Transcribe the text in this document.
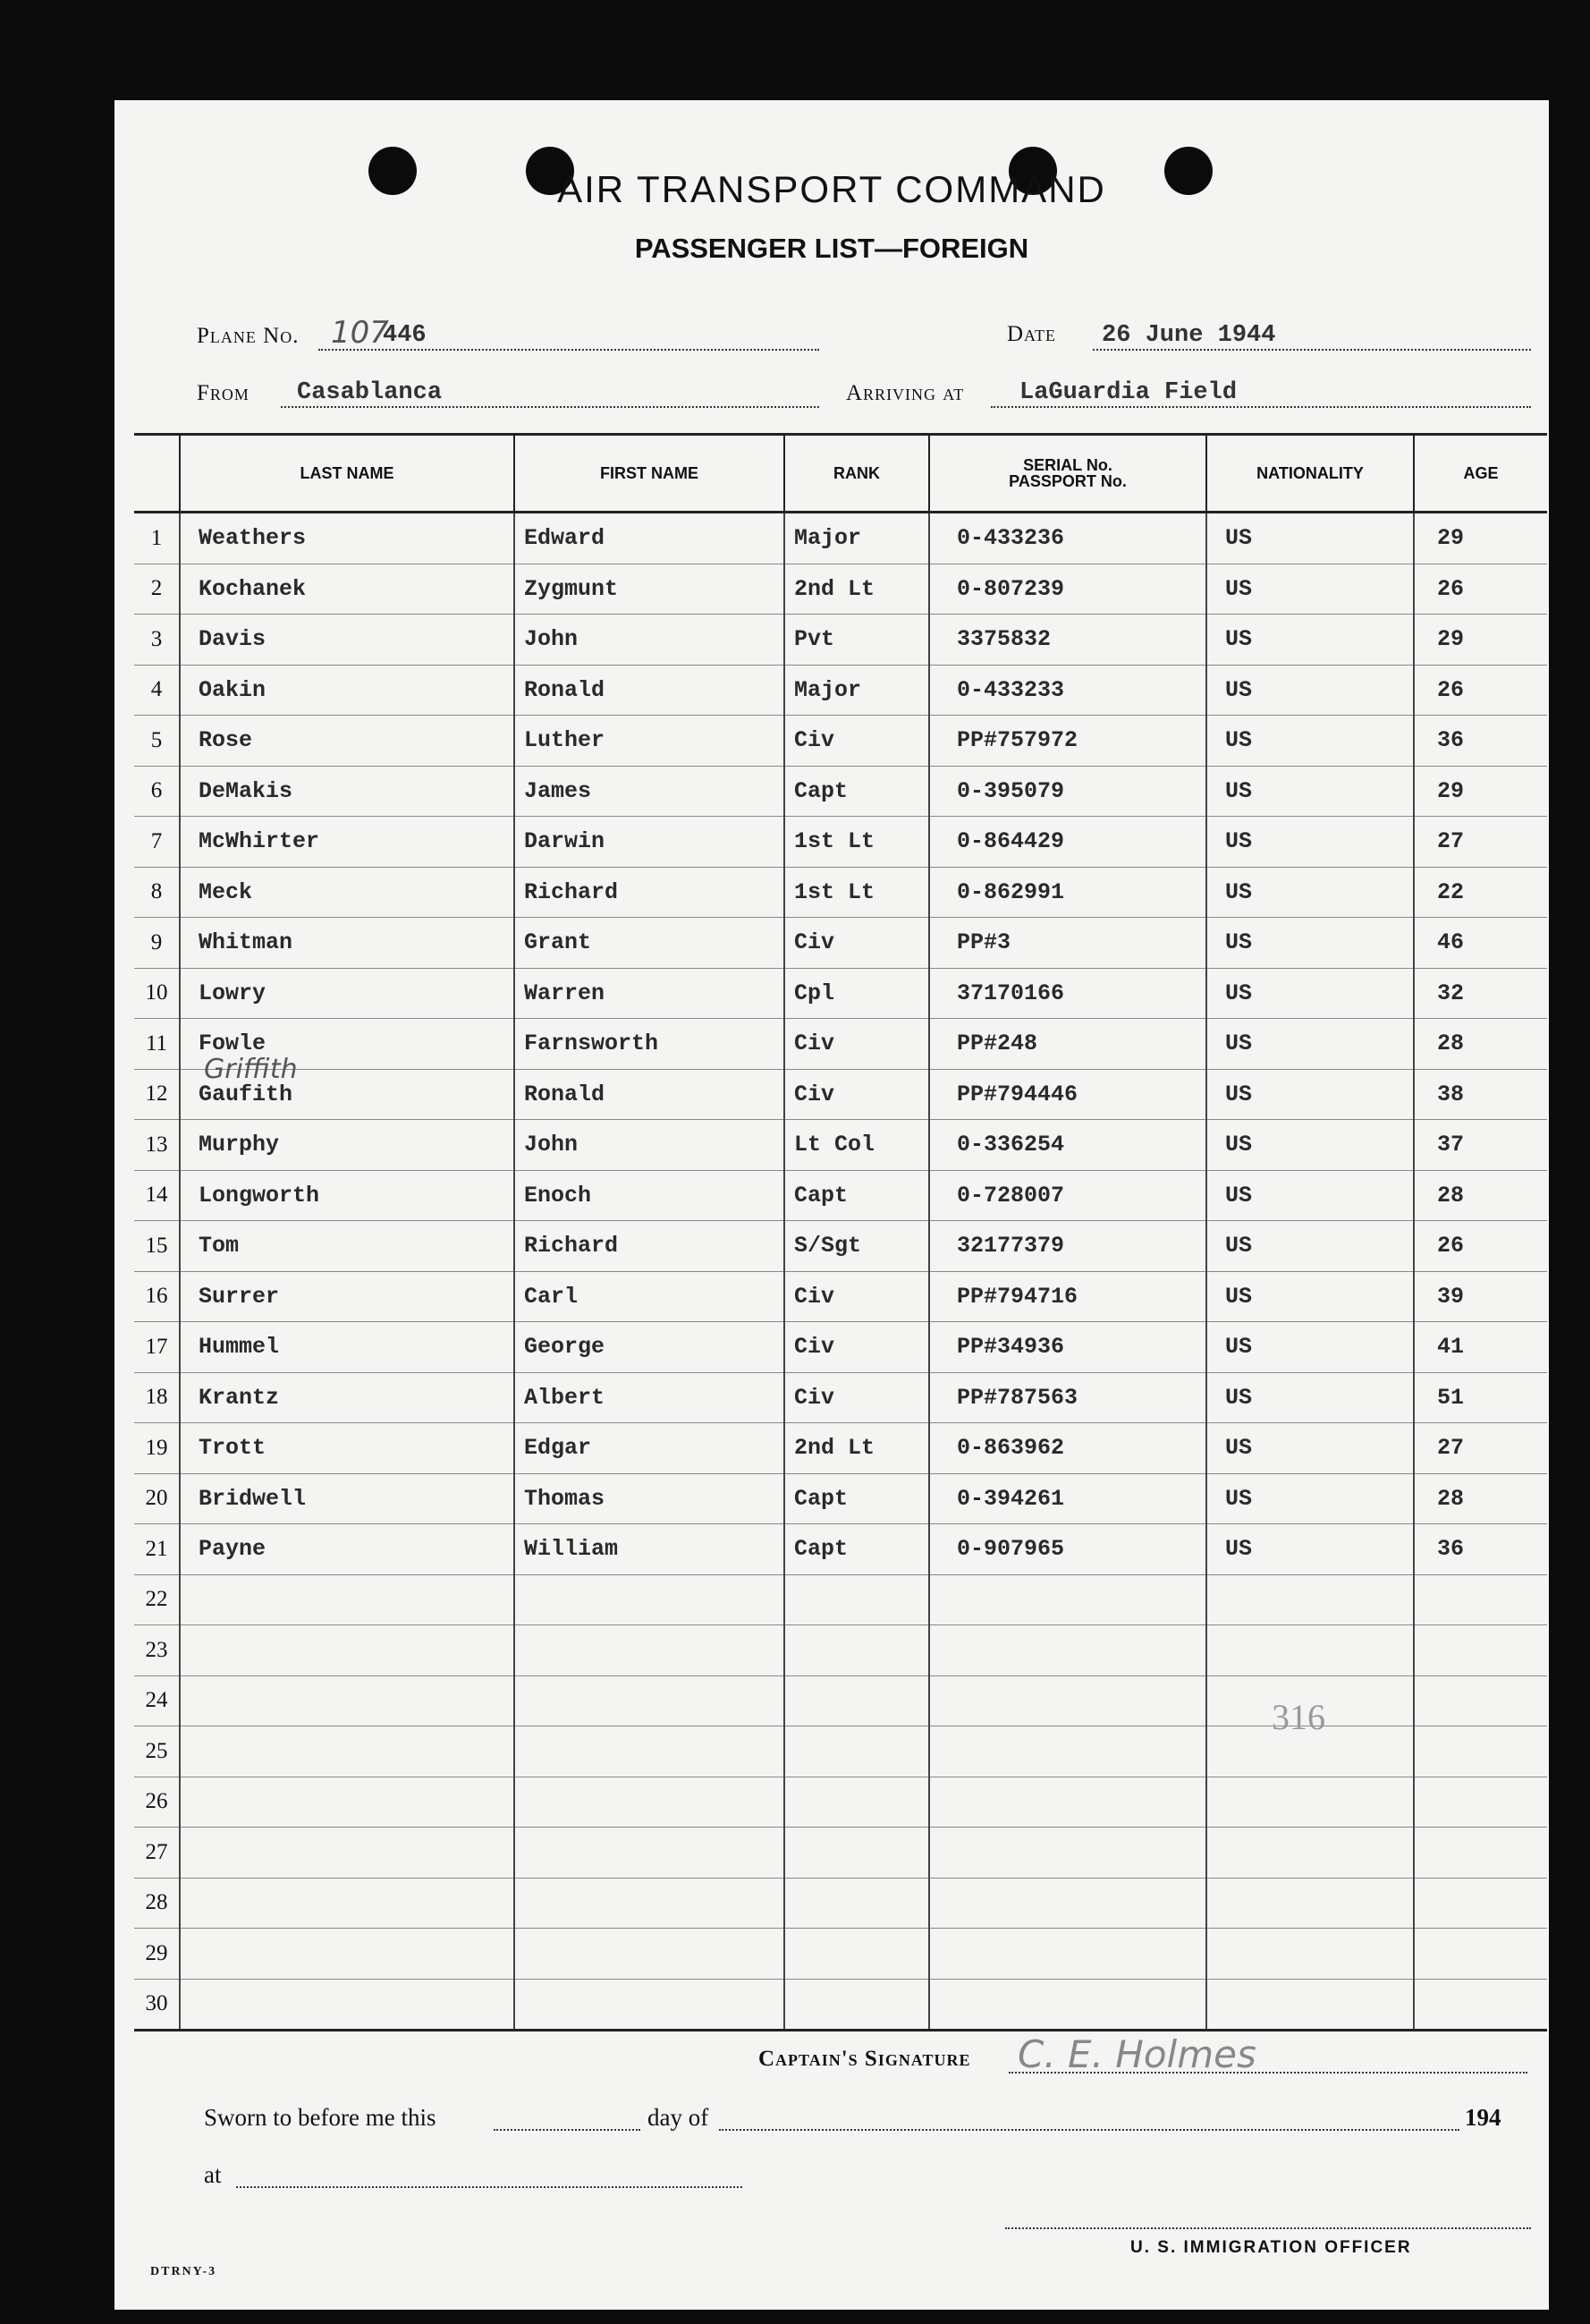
AIR TRANSPORT COMMAND
PASSENGER LIST—FOREIGN
Plane No. 107
446	Date 26 June 1944
From Casablanca	Arriving at LaGuardia Field
	LAST NAME	FIRST NAME	RANK	SERIAL No.
PASSPORT No.	NATIONALITY	AGE
1	Weathers	Edward	Major	0-433236	US	29
2	Kochanek	Zygmunt	2nd Lt	0-807239	US	26
3	Davis	John	Pvt	3375832	US	29
4	Oakin	Ronald	Major	0-433233	US	26
5	Rose	Luther	Civ	PP#757972	US	36
6	DeMakis	James	Capt	0-395079	US	29
7	McWhirter	Darwin	1st Lt	0-864429	US	27
8	Meck	Richard	1st Lt	0-862991	US	22
9	Whitman	Grant	Civ	PP#3	US	46
10	Lowry	Warren	Cpl	37170166	US	32
11	Fowle	Farnsworth	Civ	PP#248	US	28
12	Gaufith	Ronald	Civ	PP#794446	US	38
13	Murphy	John	Lt Col	0-336254	US	37
14	Longworth	Enoch	Capt	0-728007	US	28
15	Tom	Richard	S/Sgt	32177379	US	26
16	Surrer	Carl	Civ	PP#794716	US	39
17	Hummel	George	Civ	PP#34936	US	41
18	Krantz	Albert	Civ	PP#787563	US	51
19	Trott	Edgar	2nd Lt	0-863962	US	27
20	Bridwell	Thomas	Capt	0-394261	US	28
21	Payne	William	Capt	0-907965	US	36
22						
23						
24						
25						
26						
27						
28						
29						
30						
Griffith
316
Captain's Signature C. E. Holmes
Sworn to before me this	day of	194
at
U. S. IMMIGRATION OFFICER
DTRNY-3
